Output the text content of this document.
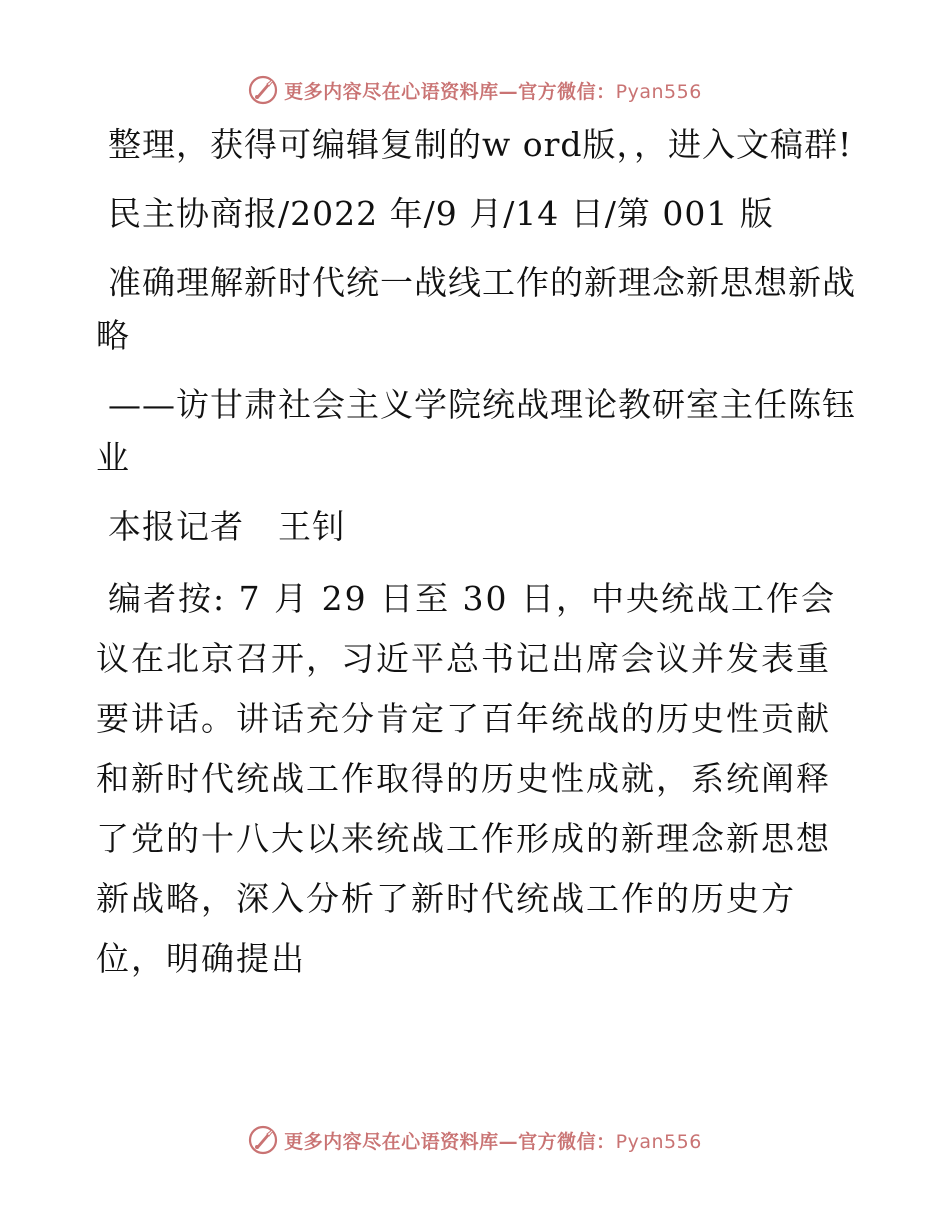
更多内容尽在心语资料库—官方微信：Pyan556

整理，获得可编辑复制的w ord版，，进入文稿群!

民主协商报/2022 年/9 月/14 日/第 001 版

准确理解新时代统一战线工作的新理念新思想新战略

——访甘肃社会主义学院统战理论教研室主任陈钰业

本报记者　王钊

编者按: 7 月 29 日至 30 日，中央统战工作会议在北京召开，习近平总书记出席会议并发表重要讲话。讲话充分肯定了百年统战的历史性贡献和新时代统战工作取得的历史性成就，系统阐释了党的十八大以来统战工作形成的新理念新思想新战略，深入分析了新时代统战工作的历史方位，明确提出

更多内容尽在心语资料库—官方微信：Pyan556
